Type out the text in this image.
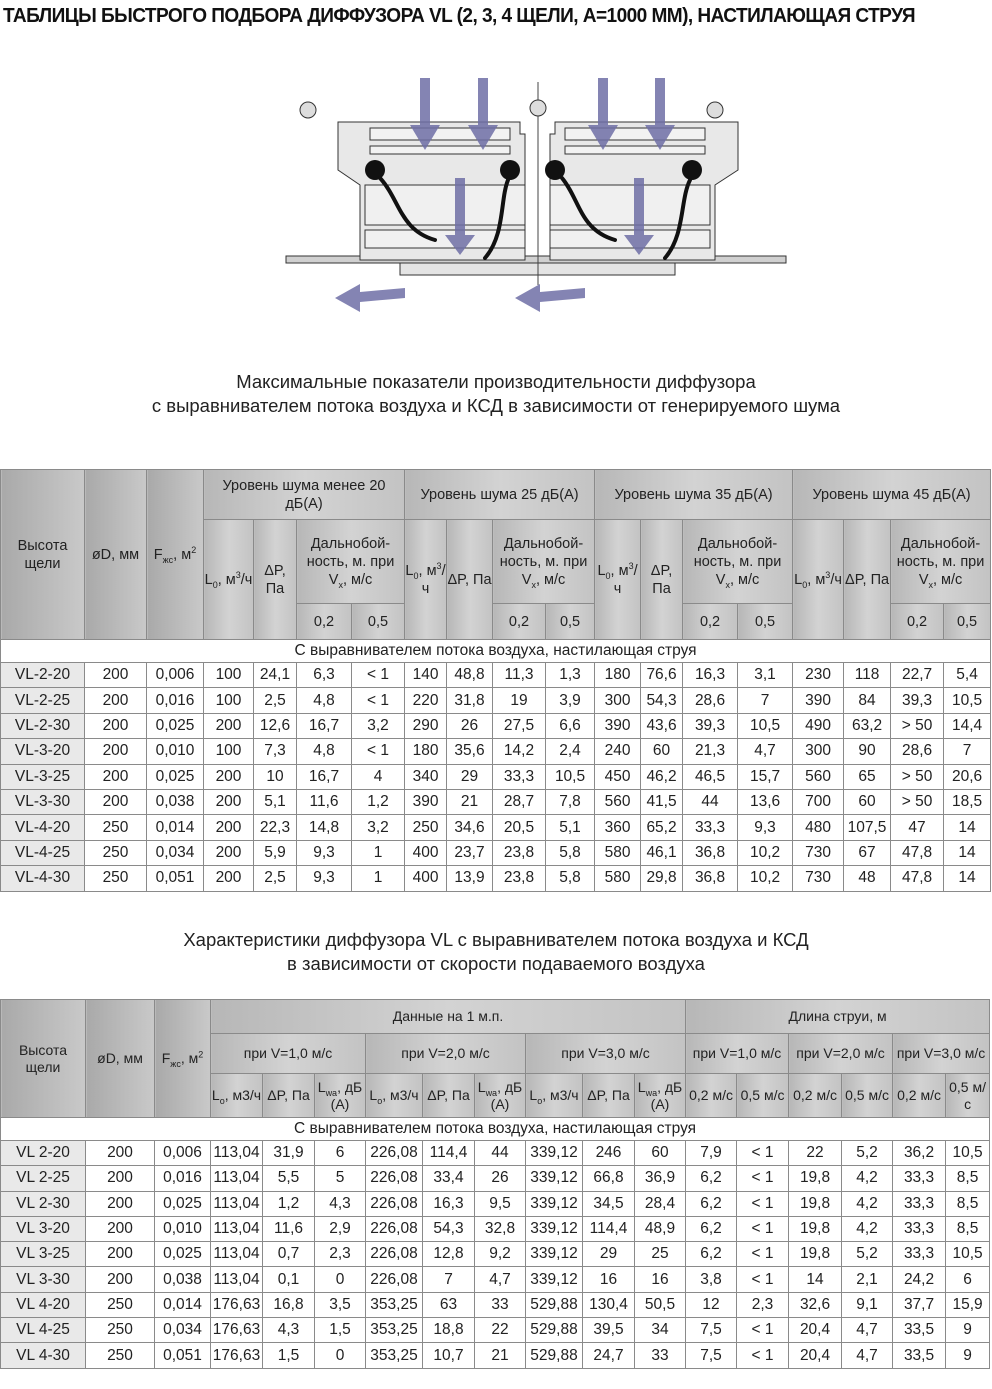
ТАБЛИЦЫ БЫСТРОГО ПОДБОРА ДИФФУЗОРА VL (2, 3, 4 ЩЕЛИ, A=1000 ММ), НАСТИЛАЮЩАЯ СТРУЯ
Максимальные показатели производительности диффузора
с выравнивателем потока воздуха и КСД в зависимости от генерируемого шума
Высота щели	øD, мм	$F_{жс}$, $м^2$	Уровень шума менее 20 дБ(А)				Уровень шума 25 дБ(А)				Уровень шума 35 дБ(А)				Уровень шума 45 дБ(А)			
			$L_0$, $м^3/ч$	ΔP, Па	Дальнобой-ность, м. при $V_x$, м/с		$L_0$, $м^3/ч$	ΔP, Па	Дальнобой-ность, м. при $V_x$, м/с		$L_0$, $м^3/ч$	ΔP, Па	Дальнобой-ность, м. при $V_x$, м/с		$L_0$, $м^3/ч$	ΔP, Па	Дальнобой-ность, м. при $V_x$, м/с	
					0,2	0,5			0,2	0,5			0,2	0,5			0,2	0,5
С выравнивателем потока воздуха, настилающая струя																		
VL-2-20	200	0,006	100	24,1	6,3	< 1	140	48,8	11,3	1,3	180	76,6	16,3	3,1	230	118	22,7	5,4
VL-2-25	200	0,016	100	2,5	4,8	< 1	220	31,8	19	3,9	300	54,3	28,6	7	390	84	39,3	10,5
VL-2-30	200	0,025	200	12,6	16,7	3,2	290	26	27,5	6,6	390	43,6	39,3	10,5	490	63,2	> 50	14,4
VL-3-20	200	0,010	100	7,3	4,8	< 1	180	35,6	14,2	2,4	240	60	21,3	4,7	300	90	28,6	7
VL-3-25	200	0,025	200	10	16,7	4	340	29	33,3	10,5	450	46,2	46,5	15,7	560	65	> 50	20,6
VL-3-30	200	0,038	200	5,1	11,6	1,2	390	21	28,7	7,8	560	41,5	44	13,6	700	60	> 50	18,5
VL-4-20	250	0,014	200	22,3	14,8	3,2	250	34,6	20,5	5,1	360	65,2	33,3	9,3	480	107,5	47	14
VL-4-25	250	0,034	200	5,9	9,3	1	400	23,7	23,8	5,8	580	46,1	36,8	10,2	730	67	47,8	14
VL-4-30	250	0,051	200	2,5	9,3	1	400	13,9	23,8	5,8	580	29,8	36,8	10,2	730	48	47,8	14
Характеристики диффузора VL с выравнивателем потока воздуха и КСД
в зависимости от скорости подаваемого воздуха
Высота щели	øD, мм	$F_{жс}$, $м^2$	Данные на 1 м.п.									Длина струи, м					
			при V=1,0 м/с			при V=2,0 м/с			при V=3,0 м/с			при V=1,0 м/с		при V=2,0 м/с		при V=3,0 м/с	
			$L_o$, м3/ч	ΔP, Па	$L_{wa}$, дБ (А)	$L_o$, м3/ч	ΔP, Па	$L_{wa}$, дБ (А)	$L_o$, м3/ч	ΔP, Па	$L_{wa}$, дБ (А)	0,2 м/с	0,5 м/с	0,2 м/с	0,5 м/с	0,2 м/с	0,5 м/с
С выравнивателем потока воздуха, настилающая струя																	
VL 2-20	200	0,006	113,04	31,9	6	226,08	114,4	44	339,12	246	60	7,9	< 1	22	5,2	36,2	10,5
VL 2-25	200	0,016	113,04	5,5	5	226,08	33,4	26	339,12	66,8	36,9	6,2	< 1	19,8	4,2	33,3	8,5
VL 2-30	200	0,025	113,04	1,2	4,3	226,08	16,3	9,5	339,12	34,5	28,4	6,2	< 1	19,8	4,2	33,3	8,5
VL 3-20	200	0,010	113,04	11,6	2,9	226,08	54,3	32,8	339,12	114,4	48,9	6,2	< 1	19,8	4,2	33,3	8,5
VL 3-25	200	0,025	113,04	0,7	2,3	226,08	12,8	9,2	339,12	29	25	6,2	< 1	19,8	5,2	33,3	10,5
VL 3-30	200	0,038	113,04	0,1	0	226,08	7	4,7	339,12	16	16	3,8	< 1	14	2,1	24,2	6
VL 4-20	250	0,014	176,63	16,8	3,5	353,25	63	33	529,88	130,4	50,5	12	2,3	32,6	9,1	37,7	15,9
VL 4-25	250	0,034	176,63	4,3	1,5	353,25	18,8	22	529,88	39,5	34	7,5	< 1	20,4	4,7	33,5	9
VL 4-30	250	0,051	176,63	1,5	0	353,25	10,7	21	529,88	24,7	33	7,5	< 1	20,4	4,7	33,5	9
